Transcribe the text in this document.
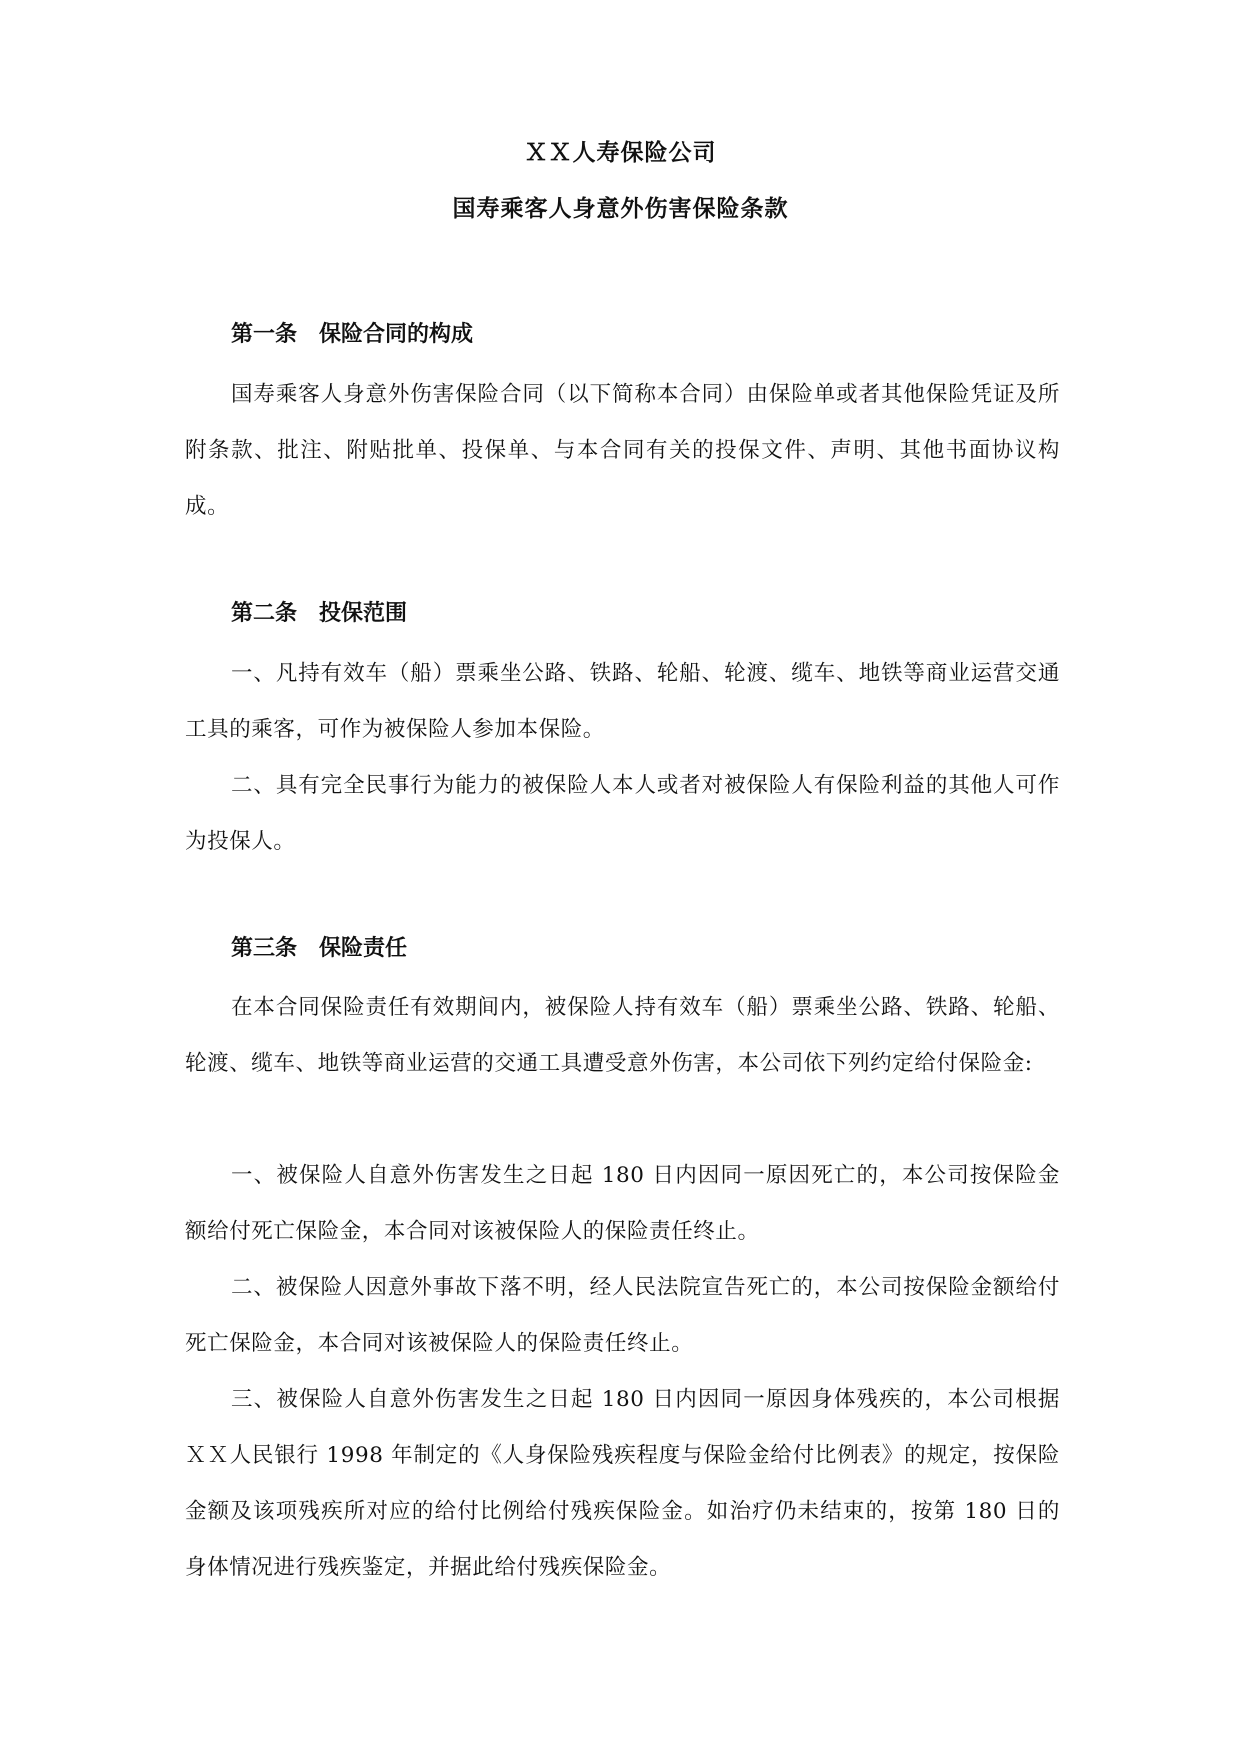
ＸＸ人寿保险公司
国寿乘客人身意外伤害保险条款
第一条　保险合同的构成

国寿乘客人身意外伤害保险合同（以下简称本合同）由保险单或者其他保险凭证及所附条款、批注、附贴批单、投保单、与本合同有关的投保文件、声明、其他书面协议构成。

第二条　投保范围

一、凡持有效车（船）票乘坐公路、铁路、轮船、轮渡、缆车、地铁等商业运营交通工具的乘客，可作为被保险人参加本保险。

二、具有完全民事行为能力的被保险人本人或者对被保险人有保险利益的其他人可作为投保人。

第三条　保险责任

在本合同保险责任有效期间内，被保险人持有效车（船）票乘坐公路、铁路、轮船、轮渡、缆车、地铁等商业运营的交通工具遭受意外伤害，本公司依下列约定给付保险金:

一、被保险人自意外伤害发生之日起 180 日内因同一原因死亡的，本公司按保险金额给付死亡保险金，本合同对该被保险人的保险责任终止。

二、被保险人因意外事故下落不明，经人民法院宣告死亡的，本公司按保险金额给付死亡保险金，本合同对该被保险人的保险责任终止。

三、被保险人自意外伤害发生之日起 180 日内因同一原因身体残疾的，本公司根据ＸＸ人民银行 1998 年制定的《人身保险残疾程度与保险金给付比例表》的规定，按保险金额及该项残疾所对应的给付比例给付残疾保险金。如治疗仍未结束的，按第 180 日的身体情况进行残疾鉴定，并据此给付残疾保险金。
